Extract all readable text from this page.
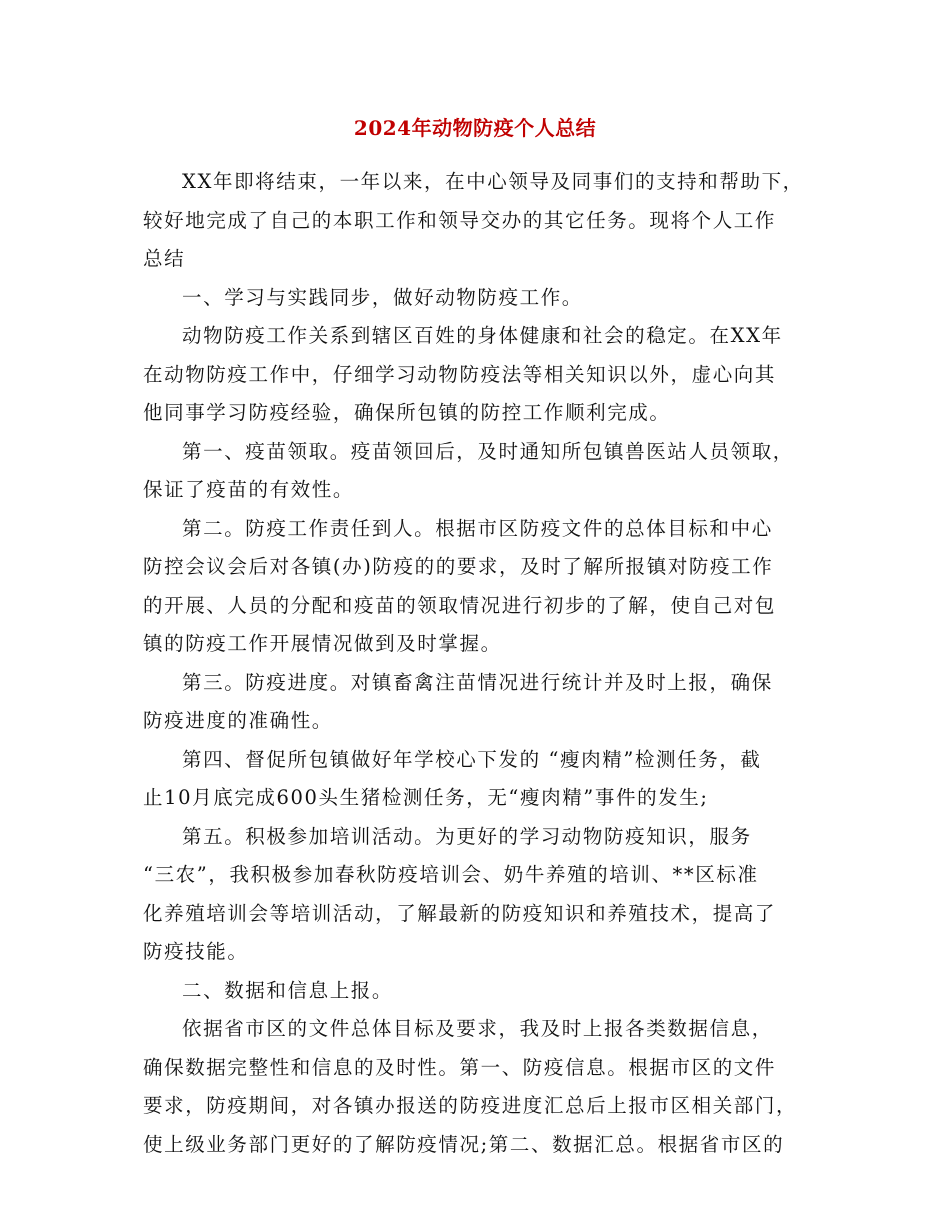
2024年动物防疫个人总结

XX年即将结束，一年以来，在中心领导及同事们的支持和帮助下，
较好地完成了自己的本职工作和领导交办的其它任务。现将个人工作
总结

一、学习与实践同步，做好动物防疫工作。

动物防疫工作关系到辖区百姓的身体健康和社会的稳定。在XX年
在动物防疫工作中，仔细学习动物防疫法等相关知识以外，虚心向其
他同事学习防疫经验，确保所包镇的防控工作顺利完成。

第一、疫苗领取。疫苗领回后，及时通知所包镇兽医站人员领取，
保证了疫苗的有效性。

第二。防疫工作责任到人。根据市区防疫文件的总体目标和中心
防控会议会后对各镇(办)防疫的的要求，及时了解所报镇对防疫工作
的开展、人员的分配和疫苗的领取情况进行初步的了解，使自己对包
镇的防疫工作开展情况做到及时掌握。

第三。防疫进度。对镇畜禽注苗情况进行统计并及时上报，确保
防疫进度的准确性。

第四、督促所包镇做好年学校心下发的 “瘦肉精”检测任务，截
止10月底完成600头生猪检测任务，无“瘦肉精”事件的发生;

第五。积极参加培训活动。为更好的学习动物防疫知识，服务
“三农”，我积极参加春秋防疫培训会、奶牛养殖的培训、**区标准
化养殖培训会等培训活动，了解最新的防疫知识和养殖技术，提高了
防疫技能。

二、数据和信息上报。

依据省市区的文件总体目标及要求，我及时上报各类数据信息，
确保数据完整性和信息的及时性。第一、防疫信息。根据市区的文件
要求，防疫期间，对各镇办报送的防疫进度汇总后上报市区相关部门，
使上级业务部门更好的了解防疫情况;第二、数据汇总。根据省市区的
